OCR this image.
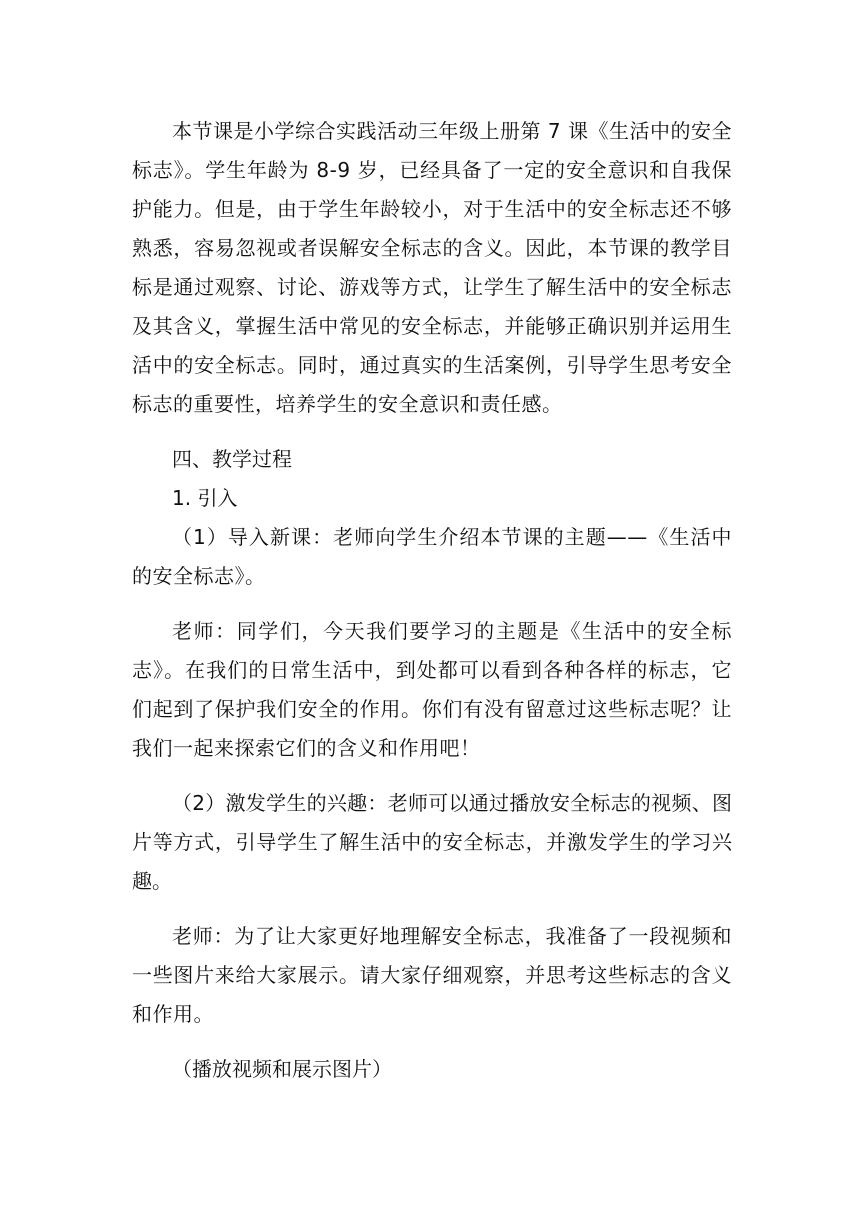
本节课是小学综合实践活动三年级上册第 7 课《生活中的安全标志》。学生年龄为 8-9 岁，已经具备了一定的安全意识和自我保护能力。但是，由于学生年龄较小，对于生活中的安全标志还不够熟悉，容易忽视或者误解安全标志的含义。因此，本节课的教学目标是通过观察、讨论、游戏等方式，让学生了解生活中的安全标志及其含义，掌握生活中常见的安全标志，并能够正确识别并运用生活中的安全标志。同时，通过真实的生活案例，引导学生思考安全标志的重要性，培养学生的安全意识和责任感。

四、教学过程

1. 引入

（1）导入新课：老师向学生介绍本节课的主题——《生活中的安全标志》。

老师：同学们，今天我们要学习的主题是《生活中的安全标志》。在我们的日常生活中，到处都可以看到各种各样的标志，它们起到了保护我们安全的作用。你们有没有留意过这些标志呢？让我们一起来探索它们的含义和作用吧！

（2）激发学生的兴趣：老师可以通过播放安全标志的视频、图片等方式，引导学生了解生活中的安全标志，并激发学生的学习兴趣。

老师：为了让大家更好地理解安全标志，我准备了一段视频和一些图片来给大家展示。请大家仔细观察，并思考这些标志的含义和作用。

（播放视频和展示图片）
